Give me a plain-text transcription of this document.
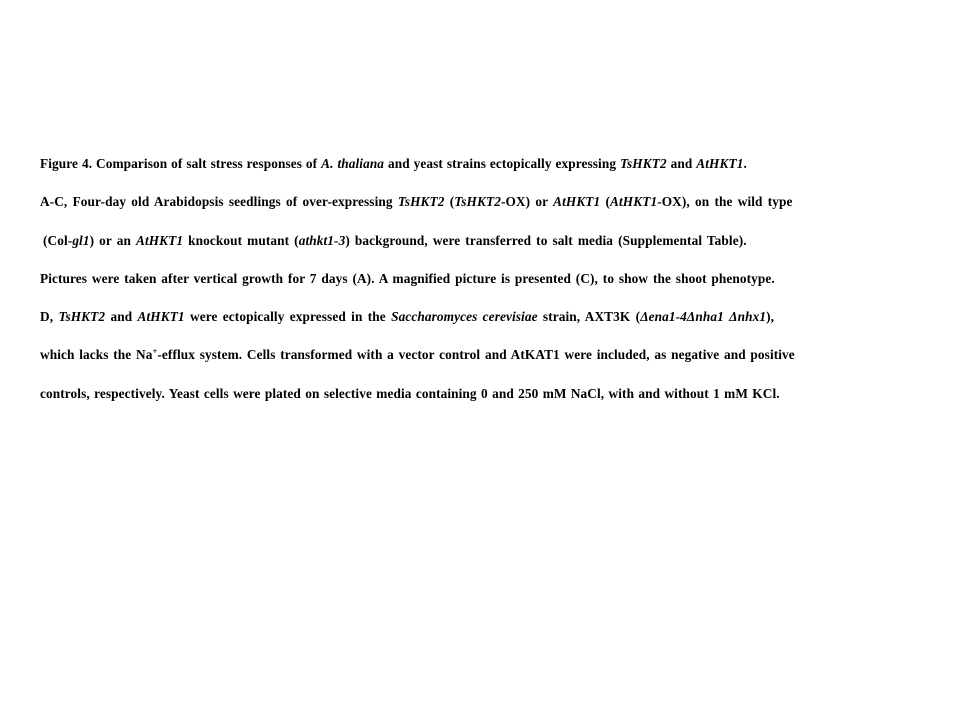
Figure 4. Comparison of salt stress responses of A. thaliana and yeast strains ectopically expressing TsHKT2 and AtHKT1.
A-C, Four-day old Arabidopsis seedlings of over-expressing TsHKT2 (TsHKT2-OX) or AtHKT1 (AtHKT1-OX), on the wild type
(Col-gl1) or an AtHKT1 knockout mutant (athkt1-3) background, were transferred to salt media (Supplemental Table).
Pictures were taken after vertical growth for 7 days (A). A magnified picture is presented (C), to show the shoot phenotype.
D, TsHKT2 and AtHKT1 were ectopically expressed in the Saccharomyces cerevisiae strain, AXT3K (Δena1-4Δnha1 Δnhx1),
which lacks the Na+-efflux system. Cells transformed with a vector control and AtKAT1 were included, as negative and positive
controls, respectively. Yeast cells were plated on selective media containing 0 and 250 mM NaCl, with and without 1 mM KCl.
